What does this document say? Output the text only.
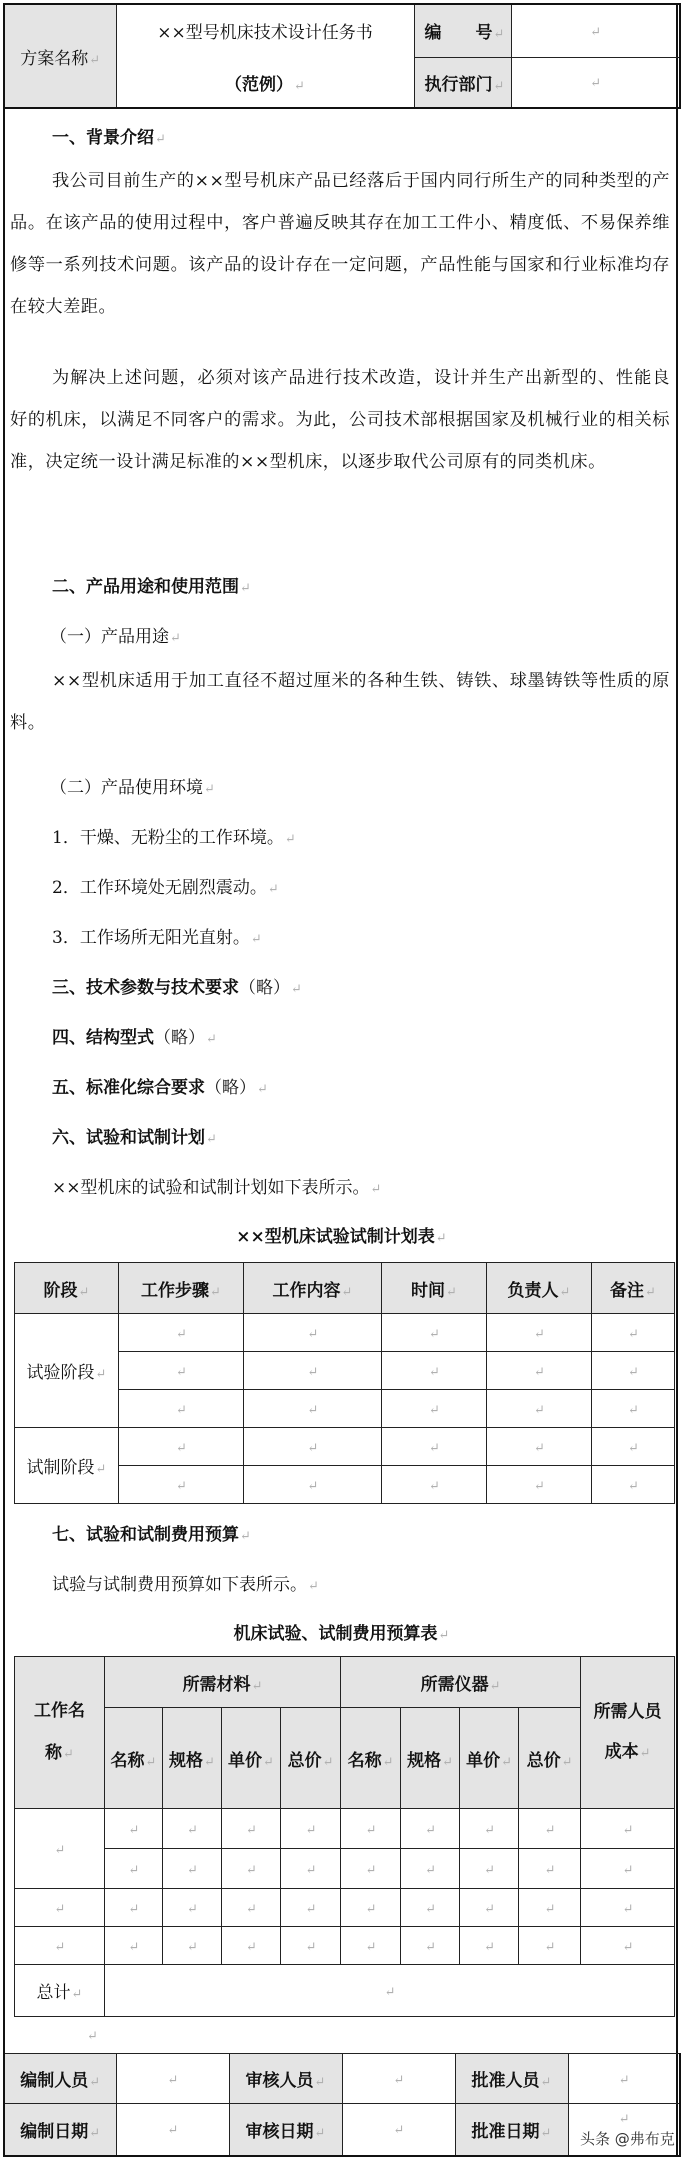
方案名称↵	××型号机床技术设计任务书	编　　号↵	↵
	（范例）↵	执行部门↵	↵
一、背景介绍↵
我公司目前生产的××型号机床产品已经落后于国内同行所生产的同种类型的产品。在该产品的使用过程中，客户普遍反映其存在加工工件小、精度低、不易保养维修等一系列技术问题。该产品的设计存在一定问题，产品性能与国家和行业标准均存在较大差距。
为解决上述问题，必须对该产品进行技术改造，设计并生产出新型的、性能良好的机床，以满足不同客户的需求。为此，公司技术部根据国家及机械行业的相关标准，决定统一设计满足标准的××型机床，以逐步取代公司原有的同类机床。
二、产品用途和使用范围↵
（一）产品用途↵
××型机床适用于加工直径不超过厘米的各种生铁、铸铁、球墨铸铁等性质的原料。
（二）产品使用环境↵
1．干燥、无粉尘的工作环境。↵
2．工作环境处无剧烈震动。↵
3．工作场所无阳光直射。↵
三、技术参数与技术要求（略）↵
四、结构型式（略）↵
五、标准化综合要求（略）↵
六、试验和试制计划↵
××型机床的试验和试制计划如下表所示。↵
××型机床试验试制计划表↵
阶段↵	工作步骤↵	工作内容↵	时间↵	负责人↵	备注↵
试验阶段↵	↵	↵	↵	↵	↵
	↵	↵	↵	↵	↵
	↵	↵	↵	↵	↵
试制阶段↵	↵	↵	↵	↵	↵
	↵	↵	↵	↵	↵
七、试验和试制费用预算↵
试验与试制费用预算如下表所示。↵
机床试验、试制费用预算表↵
工作名称↵	所需材料↵				所需仪器↵				所需人员成本↵
	名称↵	规格↵	单价↵	总价↵	名称↵	规格↵	单价↵	总价↵	
↵	↵	↵	↵	↵	↵	↵	↵	↵	↵
	↵	↵	↵	↵	↵	↵	↵	↵	↵
↵	↵	↵	↵	↵	↵	↵	↵	↵	↵
↵	↵	↵	↵	↵	↵	↵	↵	↵	↵
总计↵	↵								
↵
编制人员↵	↵	审核人员↵	↵	批准人员↵	↵
编制日期↵	↵	审核日期↵	↵	批准日期↵	↵
头条 @弗布克
